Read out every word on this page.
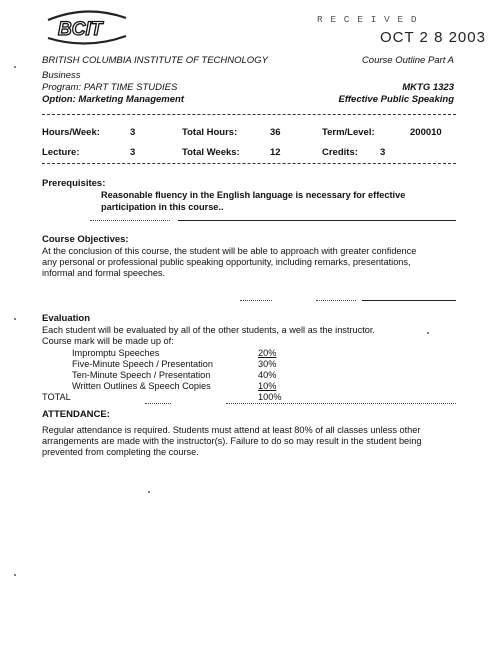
BCIT	R E C E I V E D
OCT 2 8 2003
BRITISH COLUMBIA INSTITUTE OF TECHNOLOGY	Course Outline Part A
Business
Program: PART TIME STUDIES
Option: Marketing Management
MKTG 1323
Effective Public Speaking
Hours/Week:	3	Total Hours:	36	Term/Level:	200010
Lecture:	3	Total Weeks:	12	Credits: 3
Prerequisites:
Reasonable fluency in the English language is necessary for effective
participation in this course..
Course Objectives:
At the conclusion of this course, the student will be able to approach with greater confidence
any personal or professional public speaking opportunity, including remarks, presentations,
informal and formal speeches.
Evaluation
Each student will be evaluated by all of the other students, a well as the instructor.
Course mark will be made up of:
Impromptu Speeches	20%
Five-Minute Speech / Presentation	30%
Ten-Minute Speech / Presentation	40%
Written Outlines & Speech Copies	10%
TOTAL	100%
ATTENDANCE:
Regular attendance is required. Students must attend at least 80% of all classes unless other
arrangements are made with the instructor(s). Failure to do so may result in the student being
prevented from completing the course.
